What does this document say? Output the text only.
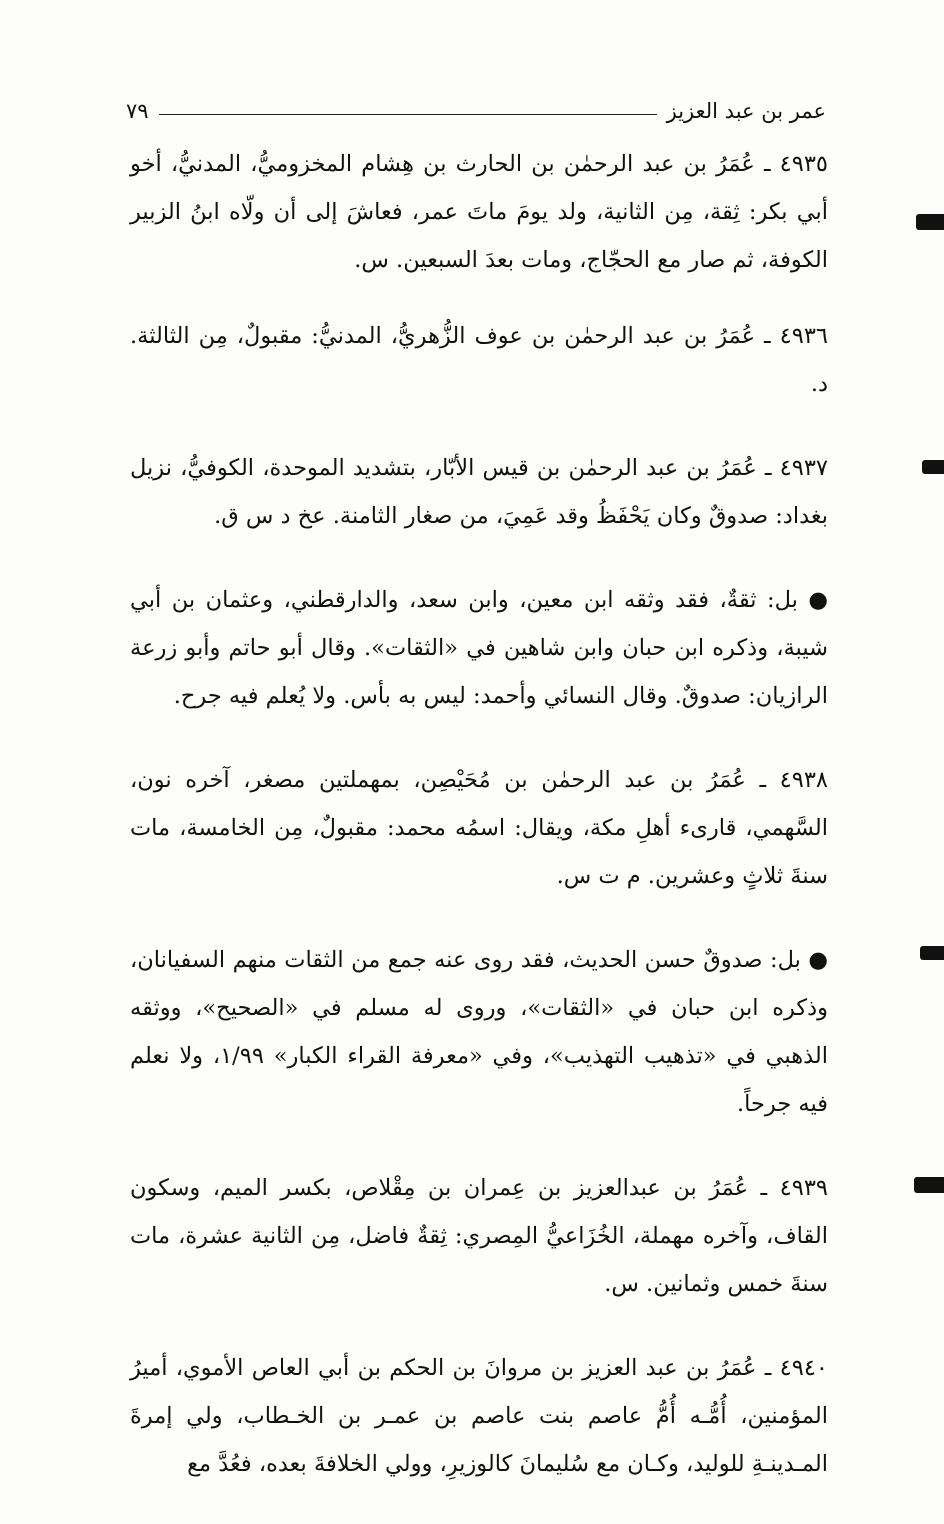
عمر بن عبد العزيز
٧٩

٤٩٣٥ ـ عُمَرُ بن عبد الرحمٰن بن الحارث بن هِشام المخزوميُّ، المدنيُّ، أخو أبي بكر: ثِقة، مِن الثانية، ولد يومَ ماتَ عمر، فعاشَ إلى أن ولّاه ابنُ الزبير الكوفة، ثم صار مع الحجّاج، ومات بعدَ السبعين. س.

٤٩٣٦ ـ عُمَرُ بن عبد الرحمٰن بن عوف الزُّهريُّ، المدنيُّ: مقبولٌ، مِن الثالثة. د.

٤٩٣٧ ـ عُمَرُ بن عبد الرحمٰن بن قيس الأبّار، بتشديد الموحدة، الكوفيُّ، نزيل بغداد: صدوقٌ وكان يَحْفَظُ وقد عَمِيَ، من صغار الثامنة. عخ د س ق.

● بل: ثقةٌ، فقد وثقه ابن معين، وابن سعد، والدارقطني، وعثمان بن أبي شيبة، وذكره ابن حبان وابن شاهين في «الثقات». وقال أبو حاتم وأبو زرعة الرازيان: صدوقٌ. وقال النسائي وأحمد: ليس به بأس. ولا يُعلم فيه جرح.

٤٩٣٨ ـ عُمَرُ بن عبد الرحمٰن بن مُحَيْصِن، بمهملتين مصغر، آخره نون، السَّهمي، قارىء أهلِ مكة، ويقال: اسمُه محمد: مقبولٌ، مِن الخامسة، مات سنةَ ثلاثٍ وعشرين. م ت س.

● بل: صدوقٌ حسن الحديث، فقد روى عنه جمع من الثقات منهم السفيانان، وذكره ابن حبان في «الثقات»، وروى له مسلم في «الصحيح»، ووثقه الذهبي في «تذهيب التهذيب»، وفي «معرفة القراء الكبار» ١/٩٩، ولا نعلم فيه جرحاً.

٤٩٣٩ ـ عُمَرُ بن عبدالعزيز بن عِمران بن مِقْلاص، بكسر الميم، وسكون القاف، وآخره مهملة، الخُزَاعيُّ المِصري: ثِقةٌ فاضل، مِن الثانية عشرة، مات سنةَ خمس وثمانين. س.

٤٩٤٠ ـ عُمَرُ بن عبد العزيز بن مروانَ بن الحكم بن أبي العاص الأموي، أميرُ المؤمنين، أُمُّـه أُمُّ عاصم بنت عاصم بن عمـر بن الخـطاب، ولي إمرةَ المـدينـةِ للوليد، وكـان مع سُليمانَ كالوزيرِ، وولي الخلافةَ بعده، فعُدَّ مع
